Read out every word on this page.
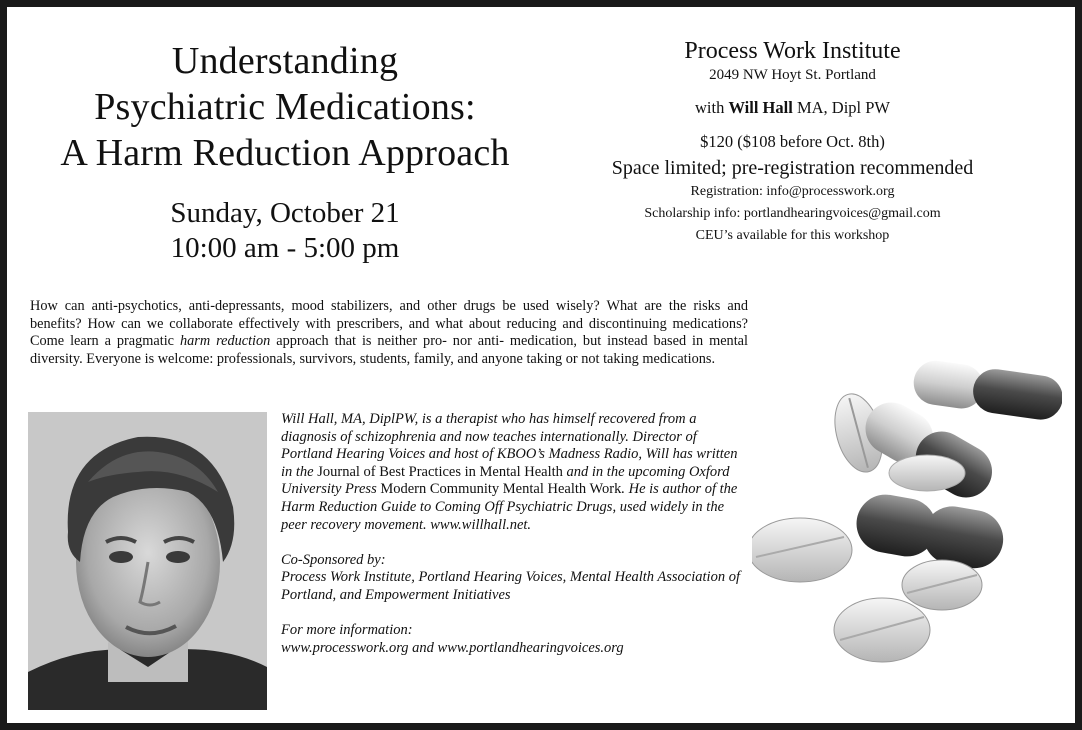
Understanding
Psychiatric Medications:
A Harm Reduction Approach
Sunday, October 21
10:00 am - 5:00 pm
Process Work Institute
2049 NW Hoyt St. Portland
with Will Hall MA, Dipl PW
$120 ($108 before Oct. 8th)
Space limited; pre-registration recommended
Registration: info@processwork.org
Scholarship info: portlandhearingvoices@gmail.com
CEU’s available for this workshop
How can anti-psychotics, anti-depressants, mood stabilizers, and other drugs be used wisely? What are the risks and benefits? How can we collaborate effectively with prescribers, and what about reducing and discontinuing medications? Come learn a pragmatic harm reduction approach that is neither pro- nor anti- medication, but instead based in mental diversity. Everyone is welcome: professionals, survivors, students, family, and anyone taking or not taking medications.

Will Hall, MA, DiplPW, is a therapist who has himself recovered from a diagnosis of schizophrenia and now teaches internationally. Director of Portland Hearing Voices and host of KBOO’s Madness Radio, Will has written in the Journal of Best Practices in Mental Health and in the upcoming Oxford University Press Modern Community Mental Health Work. He is author of the Harm Reduction Guide to Coming Off Psychiatric Drugs, used widely in the peer recovery movement. www.willhall.net.

Co-Sponsored by:
Process Work Institute, Portland Hearing Voices, Mental Health Association of Portland, and Empowerment Initiatives

For more information:
www.processwork.org and www.portlandhearingvoices.org
